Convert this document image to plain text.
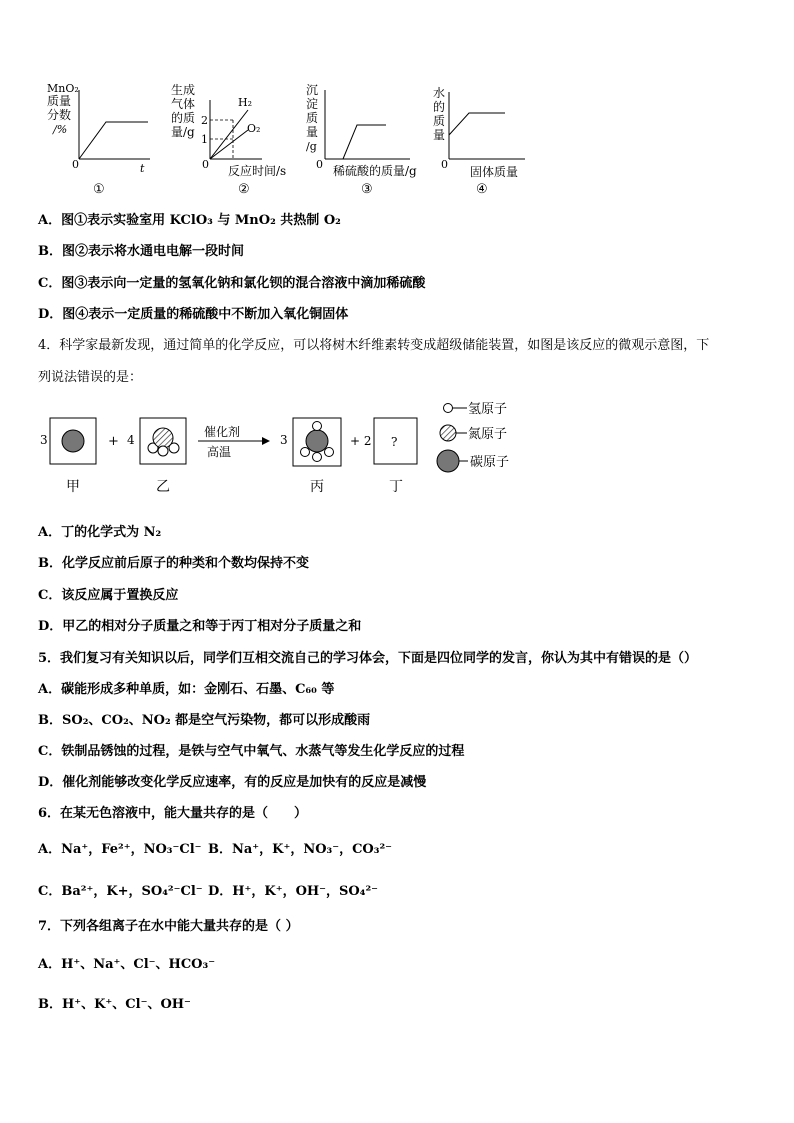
MnO₂
质量
分数
/%
0	t
①
生成
气体
的质
量/g
2
1
H₂
O₂
0 反应时间/s
②
沉
淀
质
量
/g
0 稀硫酸的质量/g
③
水
的
质
量
0
固体质量
④
A．图①表示实验室用 KClO₃ 与 MnO₂ 共热制 O₂
B．图②表示将水通电电解一段时间
C．图③表示向一定量的氢氧化钠和氯化钡的混合溶液中滴加稀硫酸
D．图④表示一定质量的稀硫酸中不断加入氧化铜固体
4．科学家最新发现，通过简单的化学反应，可以将树木纤维素转变成超级储能装置，如图是该反应的微观示意图，下
列说法错误的是：
3	+ 4
催化剂
高温
3	+ 2 ?
甲	乙	丙	丁
氢原子
氮原子
碳原子
A．丁的化学式为 N₂
B．化学反应前后原子的种类和个数均保持不变
C．该反应属于置换反应
D．甲乙的相对分子质量之和等于丙丁相对分子质量之和
5．我们复习有关知识以后，同学们互相交流自己的学习体会，下面是四位同学的发言，你认为其中有错误的是（）
A．碳能形成多种单质，如：金刚石、石墨、C₆₀ 等
B．SO₂、CO₂、NO₂ 都是空气污染物，都可以形成酸雨
C．铁制品锈蚀的过程，是铁与空气中氧气、水蒸气等发生化学反应的过程
D．催化剂能够改变化学反应速率，有的反应是加快有的反应是减慢
6．在某无色溶液中，能大量共存的是（　　）
A．Na⁺，Fe²⁺，NO₃⁻Cl⁻ B．Na⁺，K⁺，NO₃⁻，CO₃²⁻
C．Ba²⁺，K+，SO₄²⁻Cl⁻ D．H⁺，K⁺，OH⁻，SO₄²⁻
7．下列各组离子在水中能大量共存的是（ ）
A．H⁺、Na⁺、Cl⁻、HCO₃⁻
B．H⁺、K⁺、Cl⁻、OH⁻
